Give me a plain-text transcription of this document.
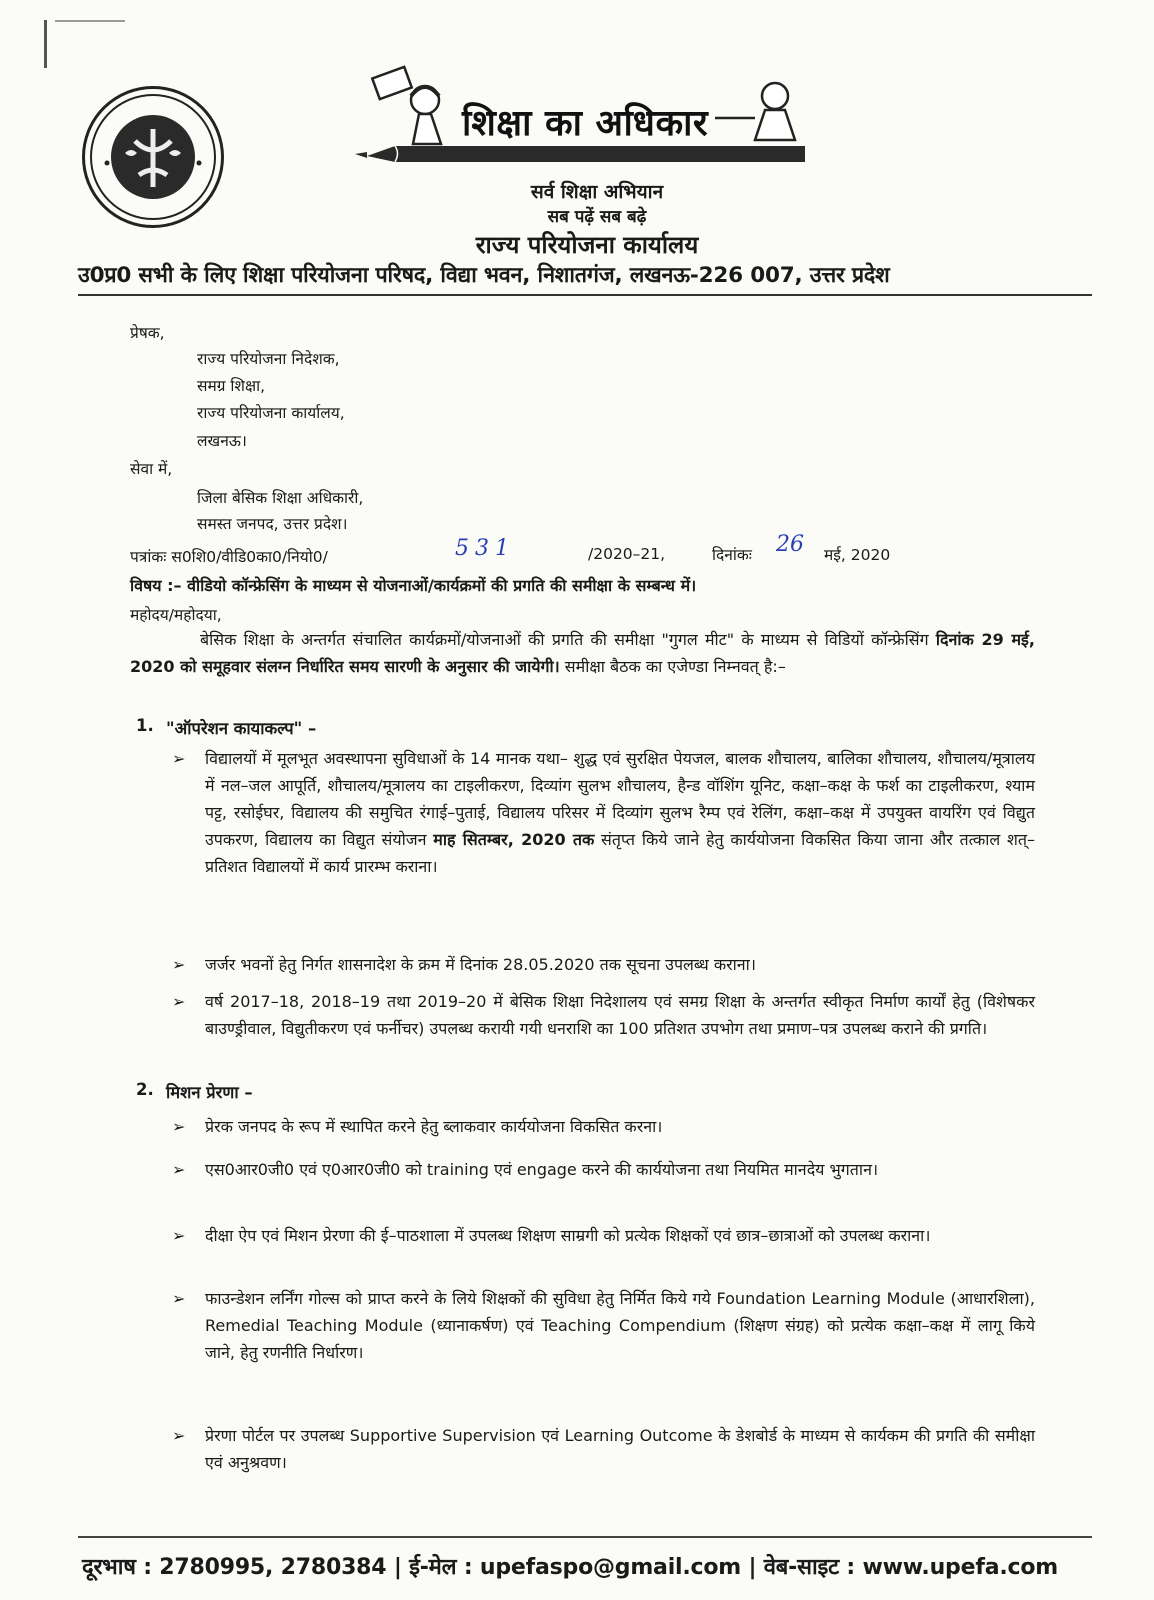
शिक्षा का अधिकार
सर्व शिक्षा अभियान
सब पढ़ें सब बढ़े
राज्य परियोजना कार्यालय
उ0प्र0 सभी के लिए शिक्षा परियोजना परिषद, विद्या भवन, निशातगंज, लखनऊ-226 007, उत्तर प्रदेश
प्रेषक,
राज्य परियोजना निदेशक,
समग्र शिक्षा,
राज्य परियोजना कार्यालय,
लखनऊ।
सेवा में,
जिला बेसिक शिक्षा अधिकारी,
समस्त जनपद, उत्तर प्रदेश।
पत्रांकः स0शि0/वीडि0का0/नियो0/	531	/2020–21,	दिनांकः 26 मई, 2020
विषय :– वीडियो कॉन्फ्रेसिंग के माध्यम से योजनाओं/कार्यक्रमों की प्रगति की समीक्षा के सम्बन्ध में।
महोदय/महोदया,
बेसिक शिक्षा के अन्तर्गत संचालित कार्यक्रमों/योजनाओं की प्रगति की समीक्षा "गुगल मीट" के माध्यम से विडियों कॉन्फ्रेसिंग दिनांक 29 मई, 2020 को समूहवार संलग्न निर्धारित समय सारणी के अनुसार की जायेगी। समीक्षा बैठक का एजेण्डा निम्नवत् है:–
1. "ऑपरेशन कायाकल्प" –
➢	विद्यालयों में मूलभूत अवस्थापना सुविधाओं के 14 मानक यथा– शुद्ध एवं सुरक्षित पेयजल, बालक शौचालय, बालिका शौचालय, शौचालय/मूत्रालय में नल–जल आपूर्ति, शौचालय/मूत्रालय का टाइलीकरण, दिव्यांग सुलभ शौचालय, हैन्ड वॉशिंग यूनिट, कक्षा–कक्ष के फर्श का टाइलीकरण, श्याम पट्ट, रसोईघर, विद्यालय की समुचित रंगाई–पुताई, विद्यालय परिसर में दिव्यांग सुलभ रैम्प एवं रेलिंग, कक्षा–कक्ष में उपयुक्त वायरिंग एवं विद्युत उपकरण, विद्यालय का विद्युत संयोजन माह सितम्बर, 2020 तक संतृप्त किये जाने हेतु कार्ययोजना विकसित किया जाना और तत्काल शत्–प्रतिशत विद्यालयों में कार्य प्रारम्भ कराना।
➢	जर्जर भवनों हेतु निर्गत शासनादेश के क्रम में दिनांक 28.05.2020 तक सूचना उपलब्ध कराना।
➢	वर्ष 2017–18, 2018–19 तथा 2019–20 में बेसिक शिक्षा निदेशालय एवं समग्र शिक्षा के अन्तर्गत स्वीकृत निर्माण कार्यों हेतु (विशेषकर बाउण्ड्रीवाल, विद्युतीकरण एवं फर्नीचर) उपलब्ध करायी गयी धनराशि का 100 प्रतिशत उपभोग तथा प्रमाण–पत्र उपलब्ध कराने की प्रगति।
2. मिशन प्रेरणा –
➢	प्रेरक जनपद के रूप में स्थापित करने हेतु ब्लाकवार कार्ययोजना विकसित करना।
➢	एस0आर0जी0 एवं ए0आर0जी0 को training एवं engage करने की कार्ययोजना तथा नियमित मानदेय भुगतान।
➢	दीक्षा ऐप एवं मिशन प्रेरणा की ई–पाठशाला में उपलब्ध शिक्षण साम्रगी को प्रत्येक शिक्षकों एवं छात्र–छात्राओं को उपलब्ध कराना।
➢	फाउन्डेशन लर्निंग गोल्स को प्राप्त करने के लिये शिक्षकों की सुविधा हेतु निर्मित किये गये Foundation Learning Module (आधारशिला), Remedial Teaching Module (ध्यानाकर्षण) एवं Teaching Compendium (शिक्षण संग्रह) को प्रत्येक कक्षा–कक्ष में लागू किये जाने, हेतु रणनीति निर्धारण।
➢	प्रेरणा पोर्टल पर उपलब्ध Supportive Supervision एवं Learning Outcome के डेशबोर्ड के माध्यम से कार्यकम की प्रगति की समीक्षा एवं अनुश्रवण।
दूरभाष : 2780995, 2780384 | ई-मेल : upefaspo@gmail.com | वेब-साइट : www.upefa.com
